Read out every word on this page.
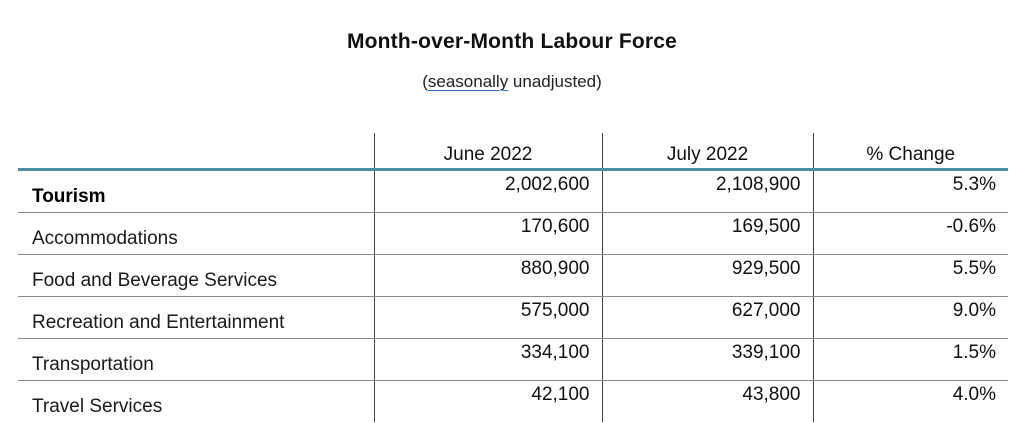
Month-over-Month Labour Force
(seasonally unadjusted)
	June 2022	July 2022	% Change
Tourism	2,002,600	2,108,900	5.3%
Accommodations	170,600	169,500	-0.6%
Food and Beverage Services	880,900	929,500	5.5%
Recreation and Entertainment	575,000	627,000	9.0%
Transportation	334,100	339,100	1.5%
Travel Services	42,100	43,800	4.0%
